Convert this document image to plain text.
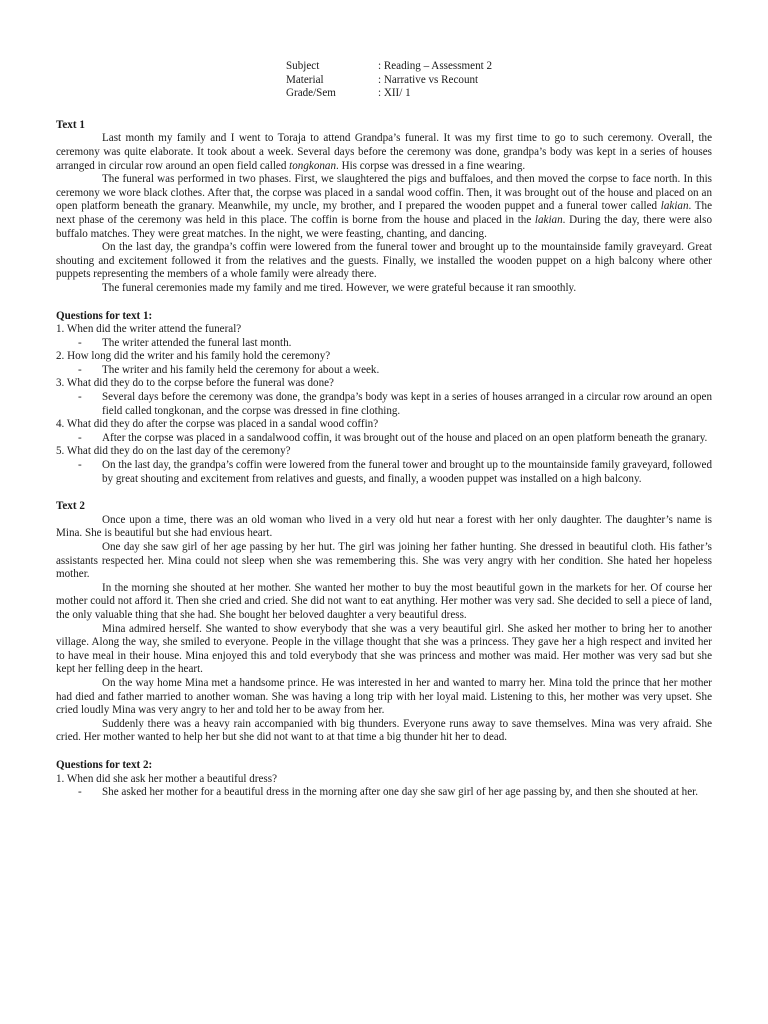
Subject	: Reading – Assessment 2
Material	: Narrative vs Recount
Grade/Sem	: XII/ 1
Text 1

Last month my family and I went to Toraja to attend Grandpa’s funeral. It was my first time to go to such ceremony. Overall, the ceremony was quite elaborate. It took about a week. Several days before the ceremony was done, grandpa’s body was kept in a series of houses arranged in circular row around an open field called tongkonan. His corpse was dressed in a fine wearing.

The funeral was performed in two phases. First, we slaughtered the pigs and buffaloes, and then moved the corpse to face north. In this ceremony we wore black clothes. After that, the corpse was placed in a sandal wood coffin. Then, it was brought out of the house and placed on an open platform beneath the granary. Meanwhile, my uncle, my brother, and I prepared the wooden puppet and a funeral tower called lakian. The next phase of the ceremony was held in this place. The coffin is borne from the house and placed in the lakian. During the day, there were also buffalo matches. They were great matches. In the night, we were feasting, chanting, and dancing.

On the last day, the grandpa’s coffin were lowered from the funeral tower and brought up to the mountainside family graveyard. Great shouting and excitement followed it from the relatives and the guests. Finally, we installed the wooden puppet on a high balcony where other puppets representing the members of a whole family were already there.

The funeral ceremonies made my family and me tired. However, we were grateful because it ran smoothly.

Questions for text 1:
1. When did the writer attend the funeral?
-	The writer attended the funeral last month.
2. How long did the writer and his family hold the ceremony?
-	The writer and his family held the ceremony for about a week.
3. What did they do to the corpse before the funeral was done?
-	Several days before the ceremony was done, the grandpa’s body was kept in a series of houses arranged in a circular row around an open field called tongkonan, and the corpse was dressed in fine clothing.
4. What did they do after the corpse was placed in a sandal wood coffin?
-	After the corpse was placed in a sandalwood coffin, it was brought out of the house and placed on an open platform beneath the granary.
5. What did they do on the last day of the ceremony?
-	On the last day, the grandpa’s coffin were lowered from the funeral tower and brought up to the mountainside family graveyard, followed by great shouting and excitement from relatives and guests, and finally, a wooden puppet was installed on a high balcony.
Text 2

Once upon a time, there was an old woman who lived in a very old hut near a forest with her only daughter. The daughter’s name is Mina. She is beautiful but she had envious heart.

One day she saw girl of her age passing by her hut. The girl was joining her father hunting. She dressed in beautiful cloth. His father’s assistants respected her. Mina could not sleep when she was remembering this. She was very angry with her condition. She hated her hopeless mother.

In the morning she shouted at her mother. She wanted her mother to buy the most beautiful gown in the markets for her. Of course her mother could not afford it. Then she cried and cried. She did not want to eat anything. Her mother was very sad. She decided to sell a piece of land, the only valuable thing that she had. She bought her beloved daughter a very beautiful dress.

Mina admired herself. She wanted to show everybody that she was a very beautiful girl. She asked her mother to bring her to another village. Along the way, she smiled to everyone. People in the village thought that she was a princess. They gave her a high respect and invited her to have meal in their house. Mina enjoyed this and told everybody that she was princess and mother was maid. Her mother was very sad but she kept her felling deep in the heart.

On the way home Mina met a handsome prince. He was interested in her and wanted to marry her. Mina told the prince that her mother had died and father married to another woman. She was having a long trip with her loyal maid. Listening to this, her mother was very upset. She cried loudly Mina was very angry to her and told her to be away from her.

Suddenly there was a heavy rain accompanied with big thunders. Everyone runs away to save themselves. Mina was very afraid. She cried. Her mother wanted to help her but she did not want to at that time a big thunder hit her to dead.

Questions for text 2:
1. When did she ask her mother a beautiful dress?
-	She asked her mother for a beautiful dress in the morning after one day she saw girl of her age passing by, and then she shouted at her.
